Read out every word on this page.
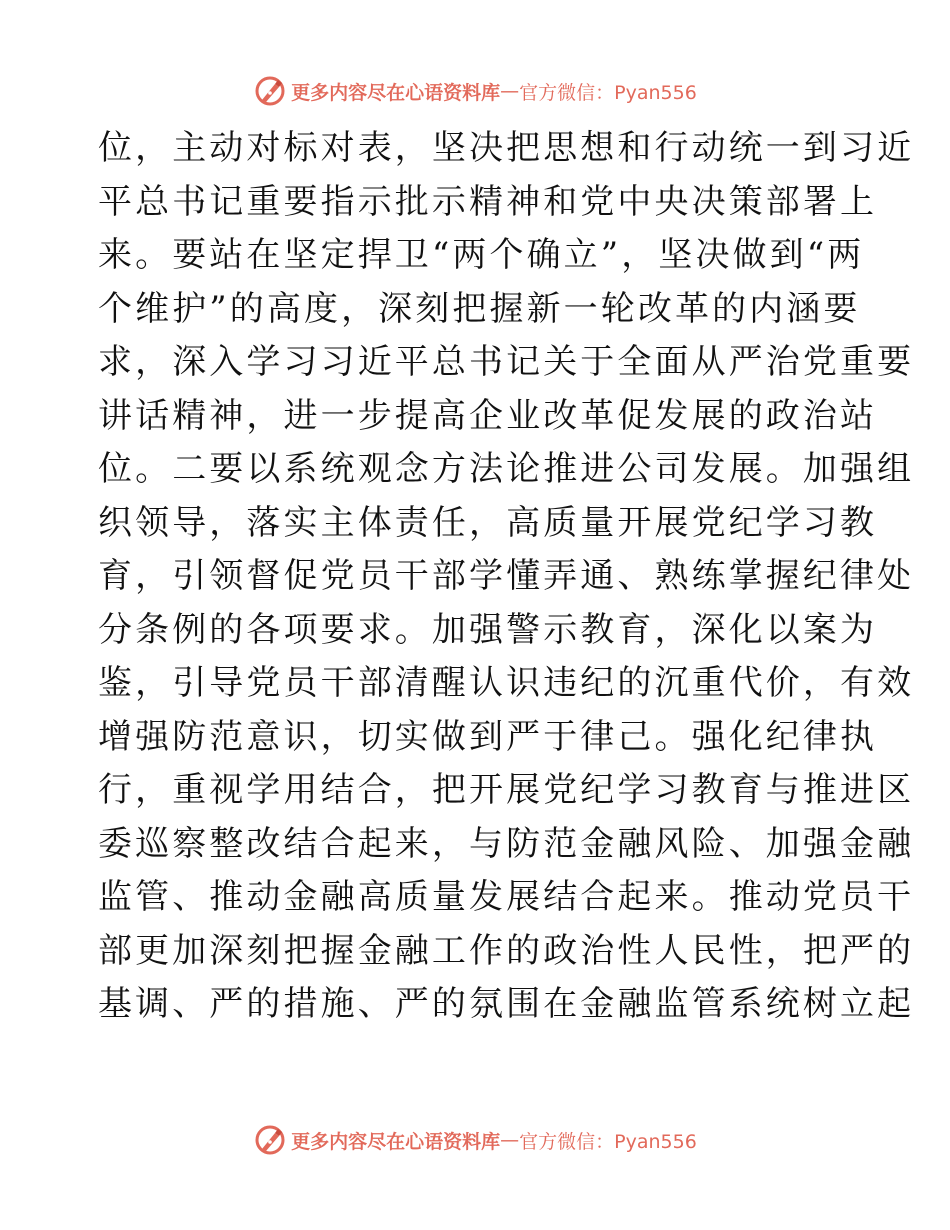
更多内容尽在心语资料库 — 官方微信：Pyan556
位，主动对标对表，坚决把思想和行动统一到习近
平总书记重要指示批示精神和党中央决策部署上
来。要站在坚定捍卫“两个确立”，坚决做到“两
个维护”的高度，深刻把握新一轮改革的内涵要
求，深入学习习近平总书记关于全面从严治党重要
讲话精神，进一步提高企业改革促发展的政治站
位。二要以系统观念方法论推进公司发展。加强组
织领导，落实主体责任，高质量开展党纪学习教
育，引领督促党员干部学懂弄通、熟练掌握纪律处
分条例的各项要求。加强警示教育，深化以案为
鉴，引导党员干部清醒认识违纪的沉重代价，有效
增强防范意识，切实做到严于律己。强化纪律执
行，重视学用结合，把开展党纪学习教育与推进区
委巡察整改结合起来，与防范金融风险、加强金融
监管、推动金融高质量发展结合起来。推动党员干
部更加深刻把握金融工作的政治性人民性，把严的
基调、严的措施、严的氛围在金融监管系统树立起
更多内容尽在心语资料库 — 官方微信：Pyan556
